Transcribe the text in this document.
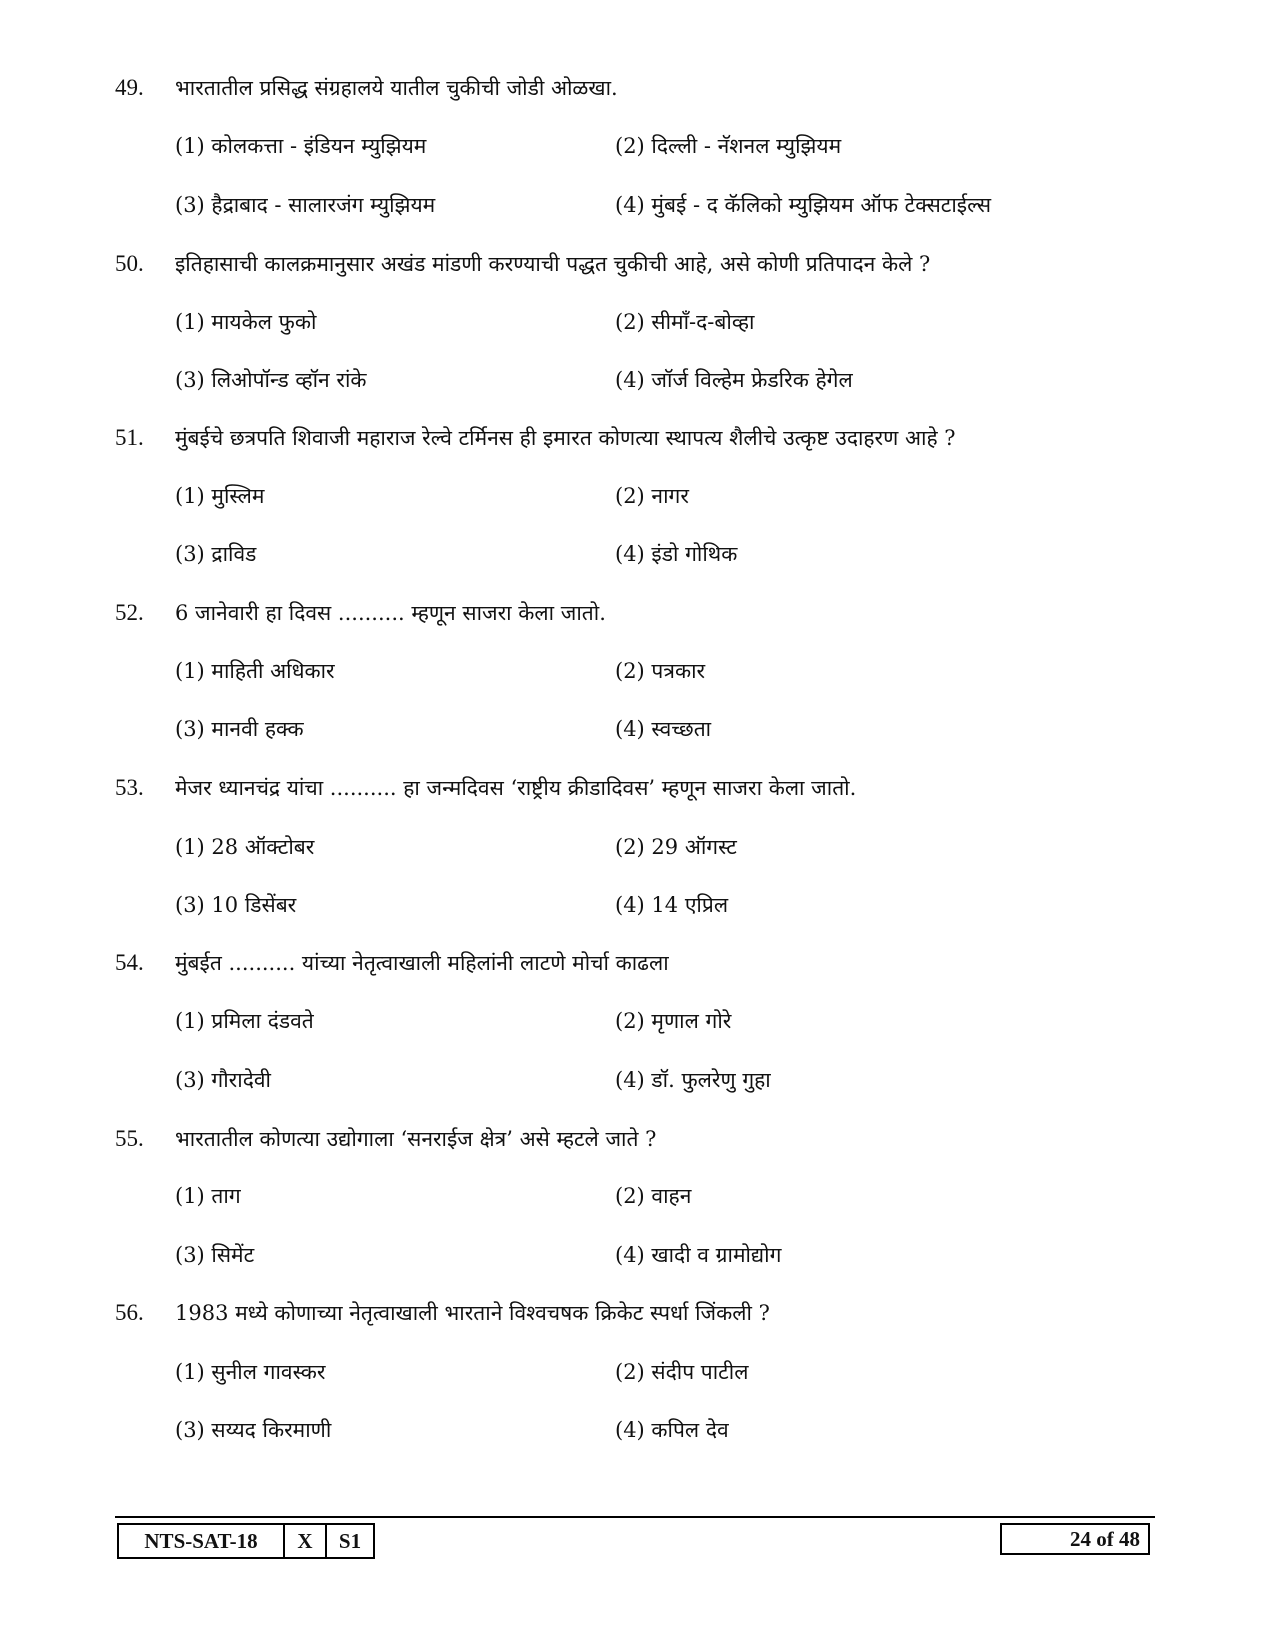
49. भारतातील प्रसिद्ध संग्रहालये यातील चुकीची जोडी ओळखा.
(1) कोलकत्ता - इंडियन म्युझियम	(2) दिल्ली - नॅशनल म्युझियम
(3) हैद्राबाद - सालारजंग म्युझियम	(4) मुंबई - द कॅलिको म्युझियम ऑफ टेक्सटाईल्स
50. इतिहासाची कालक्रमानुसार अखंड मांडणी करण्याची पद्धत चुकीची आहे, असे कोणी प्रतिपादन केले ?
(1) मायकेल फुको	(2) सीमाँ-द-बोव्हा
(3) लिओपॉन्ड व्हॉन रांके	(4) जॉर्ज विल्हेम फ्रेडरिक हेगेल
51. मुंबईचे छत्रपति शिवाजी महाराज रेल्वे टर्मिनस ही इमारत कोणत्या स्थापत्य शैलीचे उत्कृष्ट उदाहरण आहे ?
(1) मुस्लिम	(2) नागर
(3) द्राविड	(4) इंडो गोथिक
52. 6 जानेवारी हा दिवस .......... म्हणून साजरा केला जातो.
(1) माहिती अधिकार	(2) पत्रकार
(3) मानवी हक्क	(4) स्वच्छता
53. मेजर ध्यानचंद्र यांचा .......... हा जन्मदिवस ‘राष्ट्रीय क्रीडादिवस’ म्हणून साजरा केला जातो.
(1) 28 ऑक्टोबर	(2) 29 ऑगस्ट
(3) 10 डिसेंबर	(4) 14 एप्रिल
54. मुंबईत .......... यांच्या नेतृत्वाखाली महिलांनी लाटणे मोर्चा काढला
(1) प्रमिला दंडवते	(2) मृणाल गोरे
(3) गौरादेवी	(4) डॉ. फुलरेणु गुहा
55. भारतातील कोणत्या उद्योगाला ‘सनराईज क्षेत्र’ असे म्हटले जाते ?
(1) ताग	(2) वाहन
(3) सिमेंट	(4) खादी व ग्रामोद्योग
56. 1983 मध्ये कोणाच्या नेतृत्वाखाली भारताने विश्वचषक क्रिकेट स्पर्धा जिंकली ?
(1) सुनील गावस्कर	(2) संदीप पाटील
(3) सय्यद किरमाणी	(4) कपिल देव
NTS-SAT-18	X	S1	24 of 48
